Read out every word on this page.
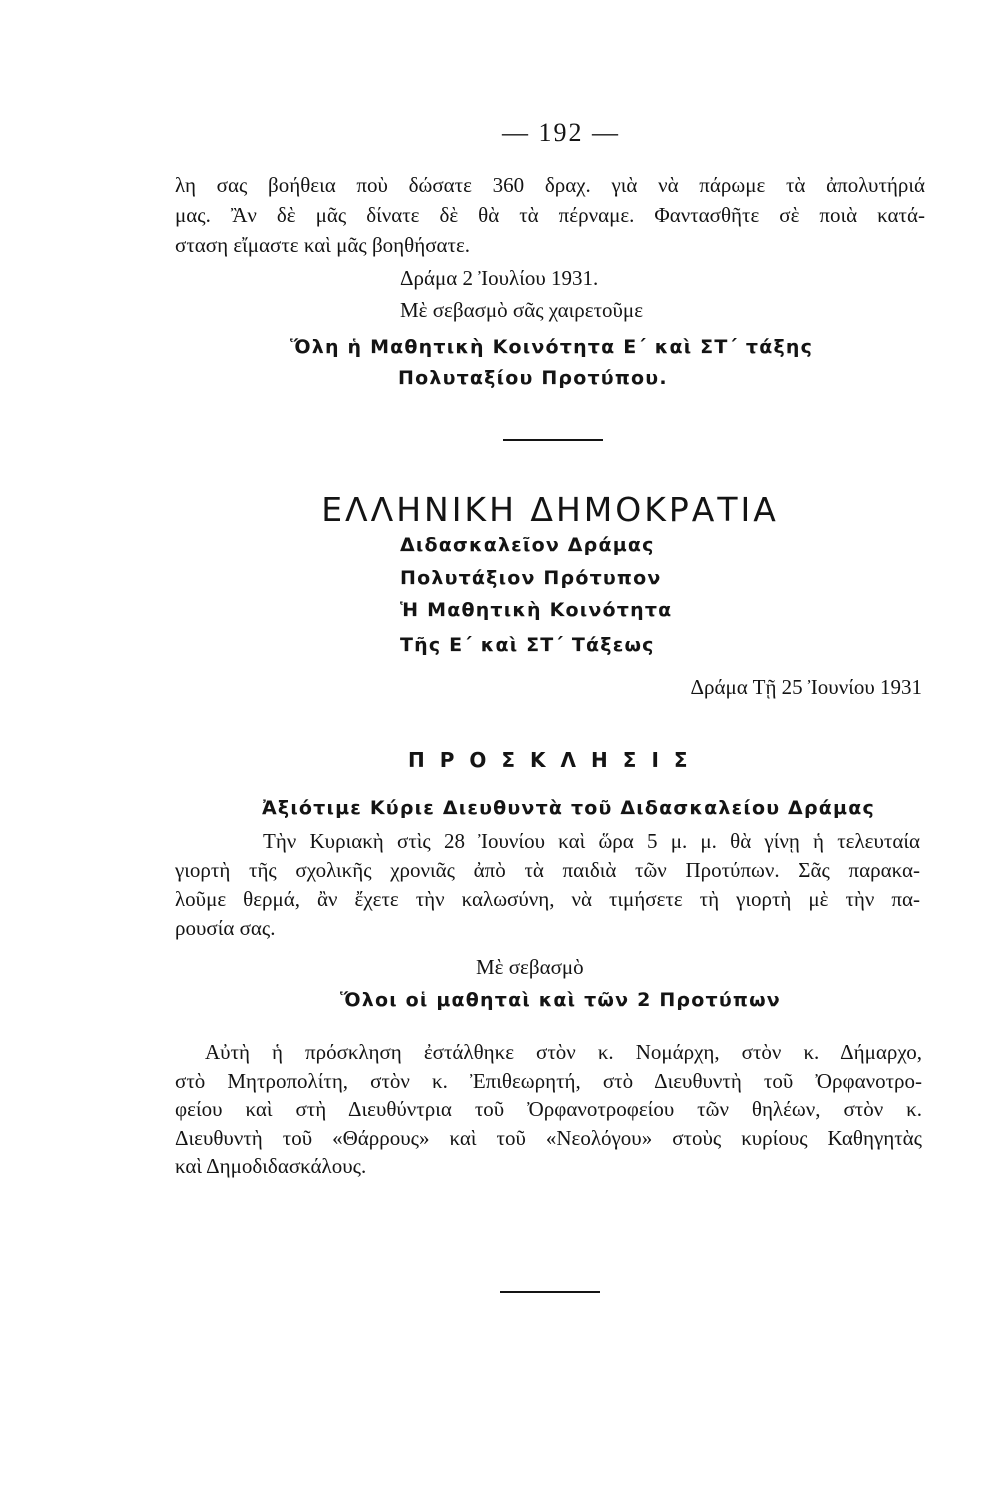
— 192 —
λη σας βοήθεια ποὺ δώσατε 360 δραχ. γιὰ νὰ πάρωμε τὰ ἀπολυτήριά
μας. Ἂν δὲ μᾶς δίνατε δὲ θὰ τὰ πέρναμε. Φαντασθῆτε σὲ ποιὰ κατά-
σταση εἴμαστε καὶ μᾶς βοηθήσατε.
Δράμα 2 Ἰουλίου 1931.
Μὲ σεβασμὸ σᾶς χαιρετοῦμε
Ὅλη ἡ Μαθητικὴ Κοινότητα Ε΄ καὶ ΣΤ΄ τάξης
Πολυταξίου Προτύπου.
ΕΛΛΗΝΙΚΗ ΔΗΜΟΚΡΑΤΙΑ
Διδασκαλεῖον Δράμας
Πολυτάξιον Πρότυπον
Ἡ Μαθητικὴ Κοινότητα
Τῆς Ε΄ καὶ ΣΤ΄ Τάξεως
Δράμα Τῇ 25 Ἰουνίου 1931
ΠΡΟΣΚΛΗΣΙΣ
Ἀξιότιμε Κύριε Διευθυντὰ τοῦ Διδασκαλείου Δράμας
Τὴν Κυριακὴ στὶς 28 Ἰουνίου καὶ ὥρα 5 μ. μ. θὰ γίνῃ ἡ τελευταία
γιορτὴ τῆς σχολικῆς χρονιᾶς ἀπὸ τὰ παιδιὰ τῶν Προτύπων. Σᾶς παρακα-
λοῦμε θερμά, ἂν ἔχετε τὴν καλωσύνη, νὰ τιμήσετε τὴ γιορτὴ μὲ τὴν πα-
ρουσία σας.
Μὲ σεβασμὸ
Ὅλοι οἱ μαθηταὶ καὶ τῶν 2 Προτύπων
Αὐτὴ ἡ πρόσκληση ἐστάλθηκε στὸν κ. Νομάρχη, στὸν κ. Δήμαρχο,
στὸ Μητροπολίτη, στὸν κ. Ἐπιθεωρητή, στὸ Διευθυντὴ τοῦ Ὀρφανοτρο-
φείου καὶ στὴ Διευθύντρια τοῦ Ὀρφανοτροφείου τῶν θηλέων, στὸν κ.
Διευθυντὴ τοῦ «Θάρρους» καὶ τοῦ «Νεολόγου» στοὺς κυρίους Καθηγητὰς
καὶ Δημοδιδασκάλους.
